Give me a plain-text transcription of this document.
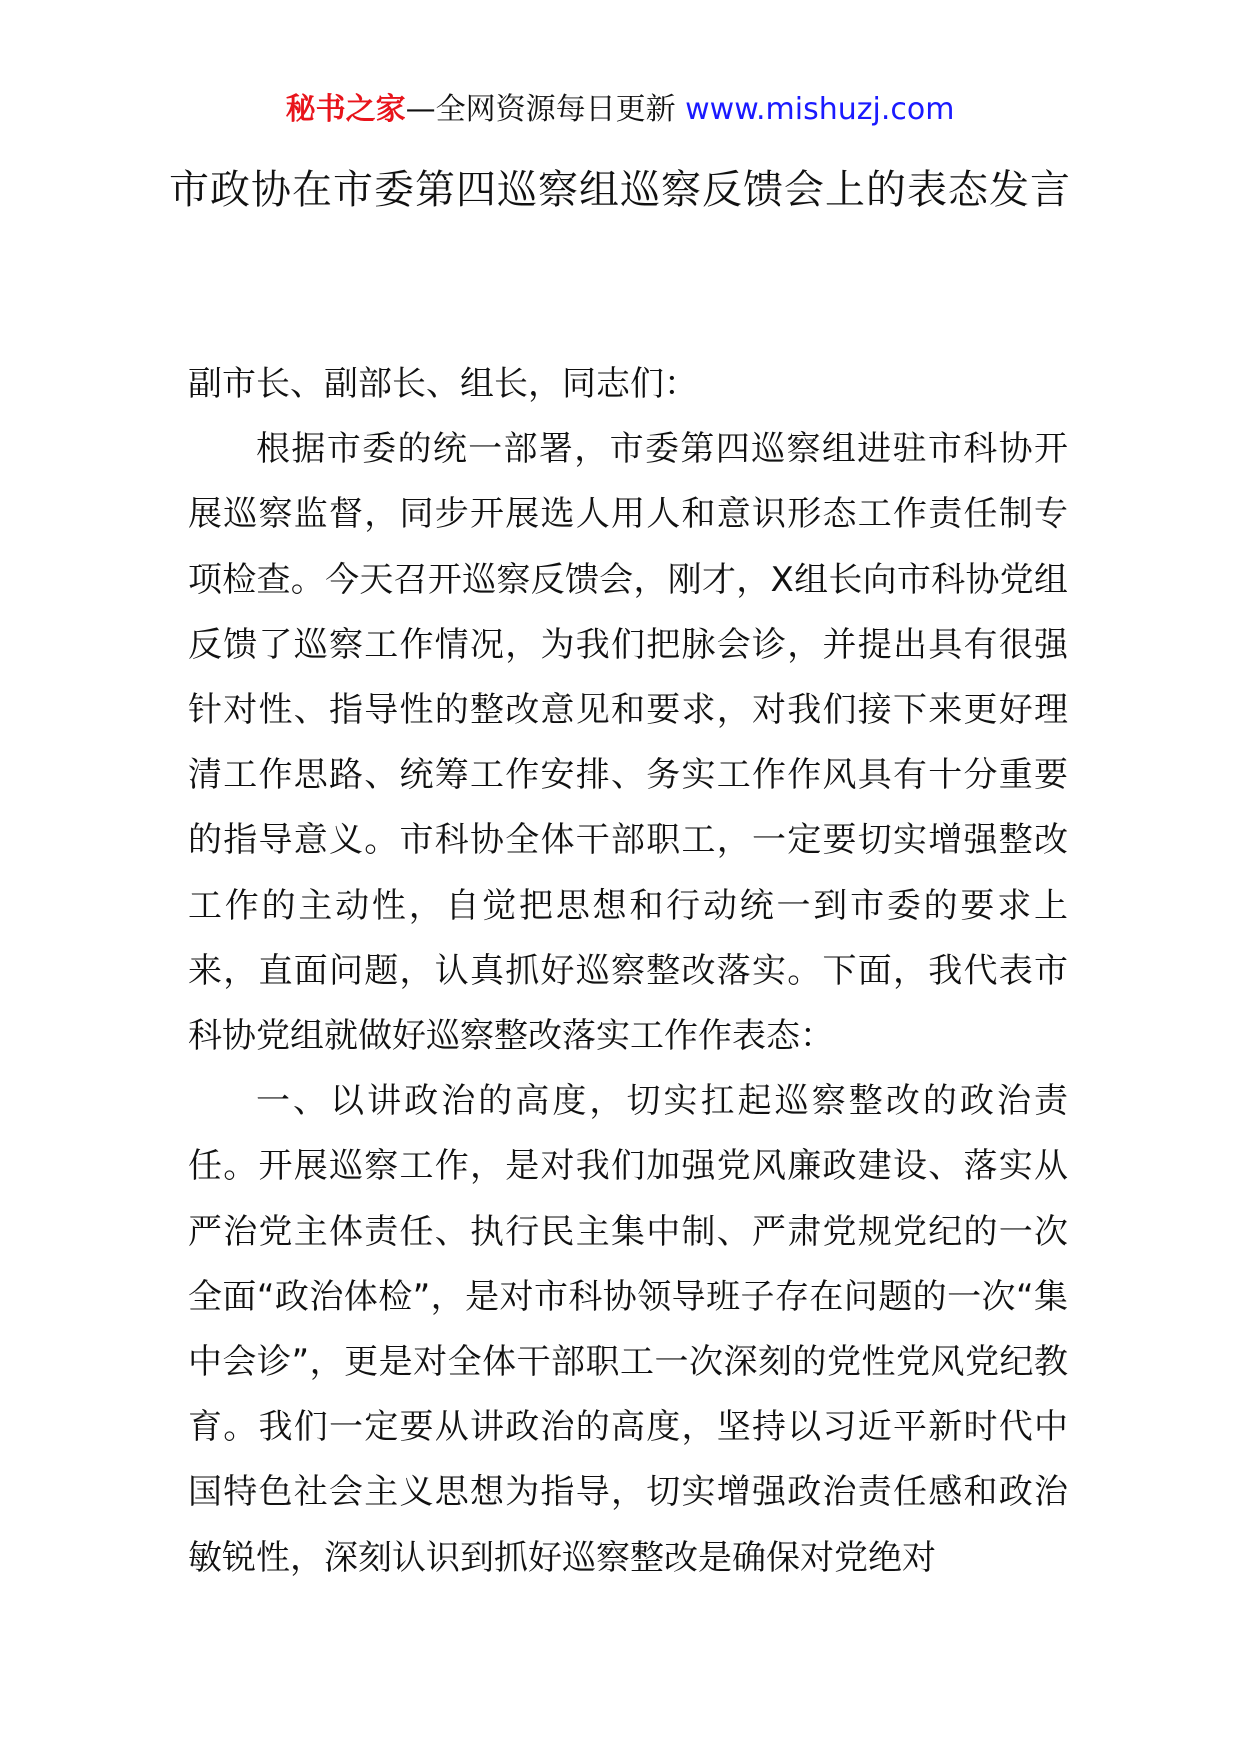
秘书之家—全网资源每日更新 www.mishuzj.com
市政协在市委第四巡察组巡察反馈会上的表态发言

副市长、副部长、组长，同志们：

根据市委的统一部署，市委第四巡察组进驻市科协开展巡察监督，同步开展选人用人和意识形态工作责任制专项检查。今天召开巡察反馈会，刚才，X组长向市科协党组反馈了巡察工作情况，为我们把脉会诊，并提出具有很强针对性、指导性的整改意见和要求，对我们接下来更好理清工作思路、统筹工作安排、务实工作作风具有十分重要的指导意义。市科协全体干部职工，一定要切实增强整改工作的主动性，自觉把思想和行动统一到市委的要求上来，直面问题，认真抓好巡察整改落实。下面，我代表市科协党组就做好巡察整改落实工作作表态：

一、以讲政治的高度，切实扛起巡察整改的政治责任。开展巡察工作，是对我们加强党风廉政建设、落实从严治党主体责任、执行民主集中制、严肃党规党纪的一次全面“政治体检”，是对市科协领导班子存在问题的一次“集中会诊”，更是对全体干部职工一次深刻的党性党风党纪教育。我们一定要从讲政治的高度，坚持以习近平新时代中国特色社会主义思想为指导，切实增强政治责任感和政治敏锐性，深刻认识到抓好巡察整改是确保对党绝对
